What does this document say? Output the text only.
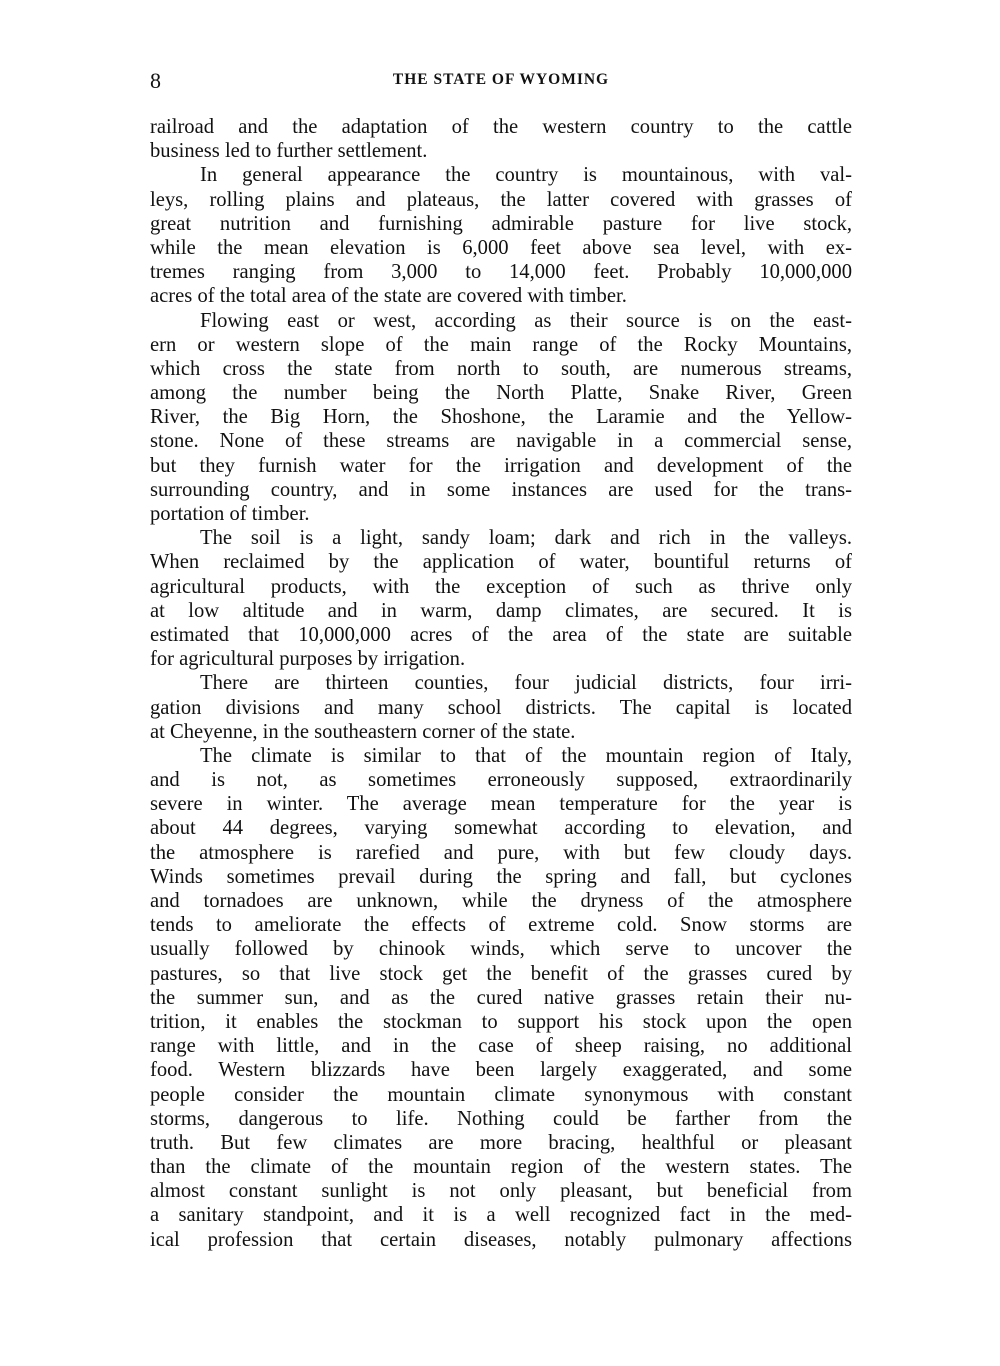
8	THE STATE OF WYOMING
railroad and the adaptation of the western country to the cattle
business led to further settlement.
In general appearance the country is mountainous, with val-
leys, rolling plains and plateaus, the latter covered with grasses of
great nutrition and furnishing admirable pasture for live stock,
while the mean elevation is 6,000 feet above sea level, with ex-
tremes ranging from 3,000 to 14,000 feet. Probably 10,000,000
acres of the total area of the state are covered with timber.
Flowing east or west, according as their source is on the east-
ern or western slope of the main range of the Rocky Mountains,
which cross the state from north to south, are numerous streams,
among the number being the North Platte, Snake River, Green
River, the Big Horn, the Shoshone, the Laramie and the Yellow-
stone. None of these streams are navigable in a commercial sense,
but they furnish water for the irrigation and development of the
surrounding country, and in some instances are used for the trans-
portation of timber.
The soil is a light, sandy loam; dark and rich in the valleys.
When reclaimed by the application of water, bountiful returns of
agricultural products, with the exception of such as thrive only
at low altitude and in warm, damp climates, are secured. It is
estimated that 10,000,000 acres of the area of the state are suitable
for agricultural purposes by irrigation.
There are thirteen counties, four judicial districts, four irri-
gation divisions and many school districts. The capital is located
at Cheyenne, in the southeastern corner of the state.
The climate is similar to that of the mountain region of Italy,
and is not, as sometimes erroneously supposed, extraordinarily
severe in winter. The average mean temperature for the year is
about 44 degrees, varying somewhat according to elevation, and
the atmosphere is rarefied and pure, with but few cloudy days.
Winds sometimes prevail during the spring and fall, but cyclones
and tornadoes are unknown, while the dryness of the atmosphere
tends to ameliorate the effects of extreme cold. Snow storms are
usually followed by chinook winds, which serve to uncover the
pastures, so that live stock get the benefit of the grasses cured by
the summer sun, and as the cured native grasses retain their nu-
trition, it enables the stockman to support his stock upon the open
range with little, and in the case of sheep raising, no additional
food. Western blizzards have been largely exaggerated, and some
people consider the mountain climate synonymous with constant
storms, dangerous to life. Nothing could be farther from the
truth. But few climates are more bracing, healthful or pleasant
than the climate of the mountain region of the western states. The
almost constant sunlight is not only pleasant, but beneficial from
a sanitary standpoint, and it is a well recognized fact in the med-
ical profession that certain diseases, notably pulmonary affections
